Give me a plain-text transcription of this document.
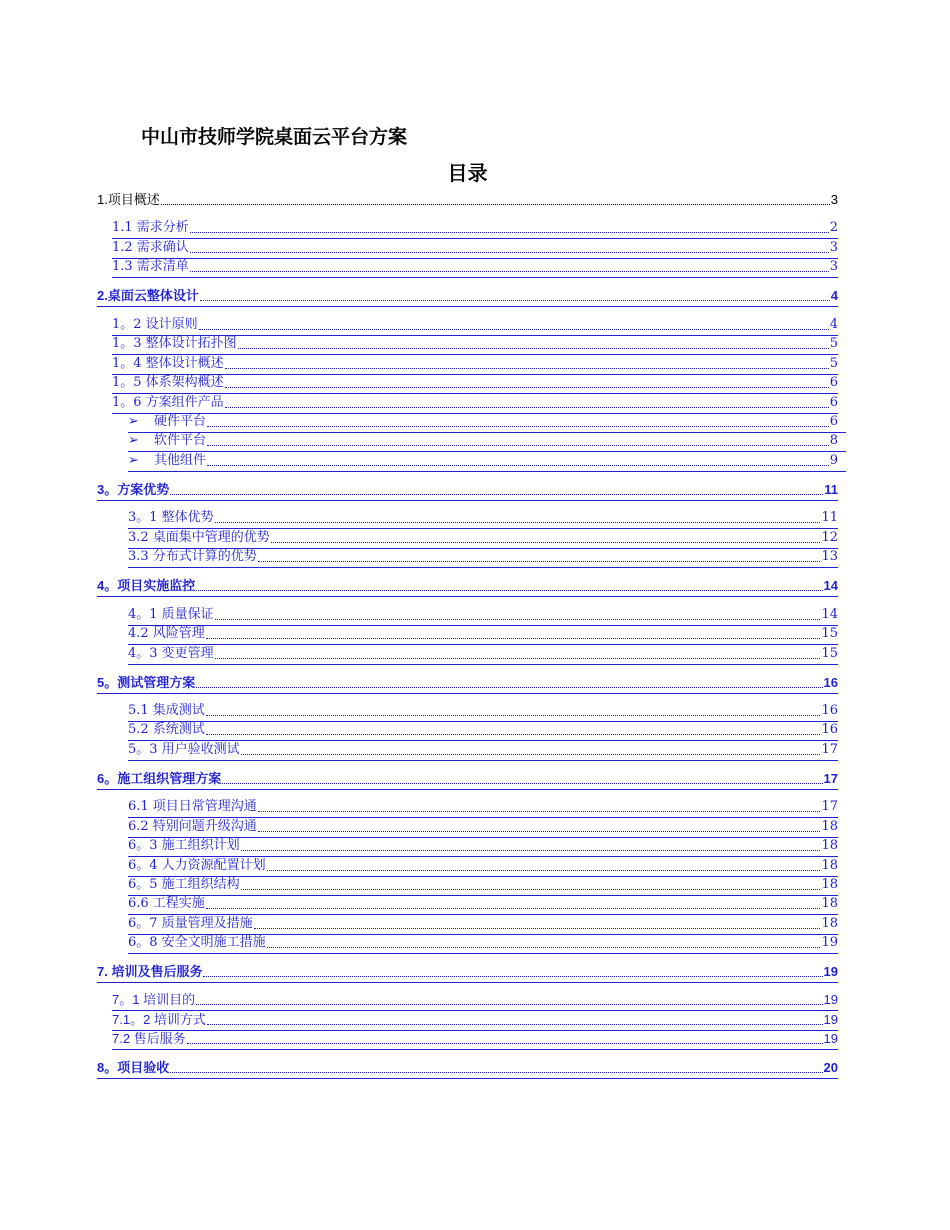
中山市技师学院桌面云平台方案
目录
1.项目概述	3
1.1 需求分析	2
1.2 需求确认	3
1.3 需求清单	3
2.桌面云整体设计	4
1。2 设计原则	4
1。3 整体设计拓扑图	5
1。4 整体设计概述	5
1。5 体系架构概述	6
1。6 方案组件产品	6
➢	硬件平台	6
➢	软件平台	8
➢	其他组件	9
3。方案优势	11
3。1 整体优势	11
3.2 桌面集中管理的优势	12
3.3 分布式计算的优势	13
4。项目实施监控	14
4。1 质量保证	14
4.2 风险管理	15
4。3 变更管理	15
5。测试管理方案	16
5.1 集成测试	16
5.2 系统测试	16
5。3 用户验收测试	17
6。施工组织管理方案	17
6.1 项目日常管理沟通	17
6.2 特别问题升级沟通	18
6。3 施工组织计划	18
6。4 人力资源配置计划	18
6。5 施工组织结构	18
6.6 工程实施	18
6。7 质量管理及措施	18
6。8 安全文明施工措施	19
7. 培训及售后服务	19
7。1 培训目的	19
7.1。2 培训方式	19
7.2 售后服务	19
8。项目验收	20
